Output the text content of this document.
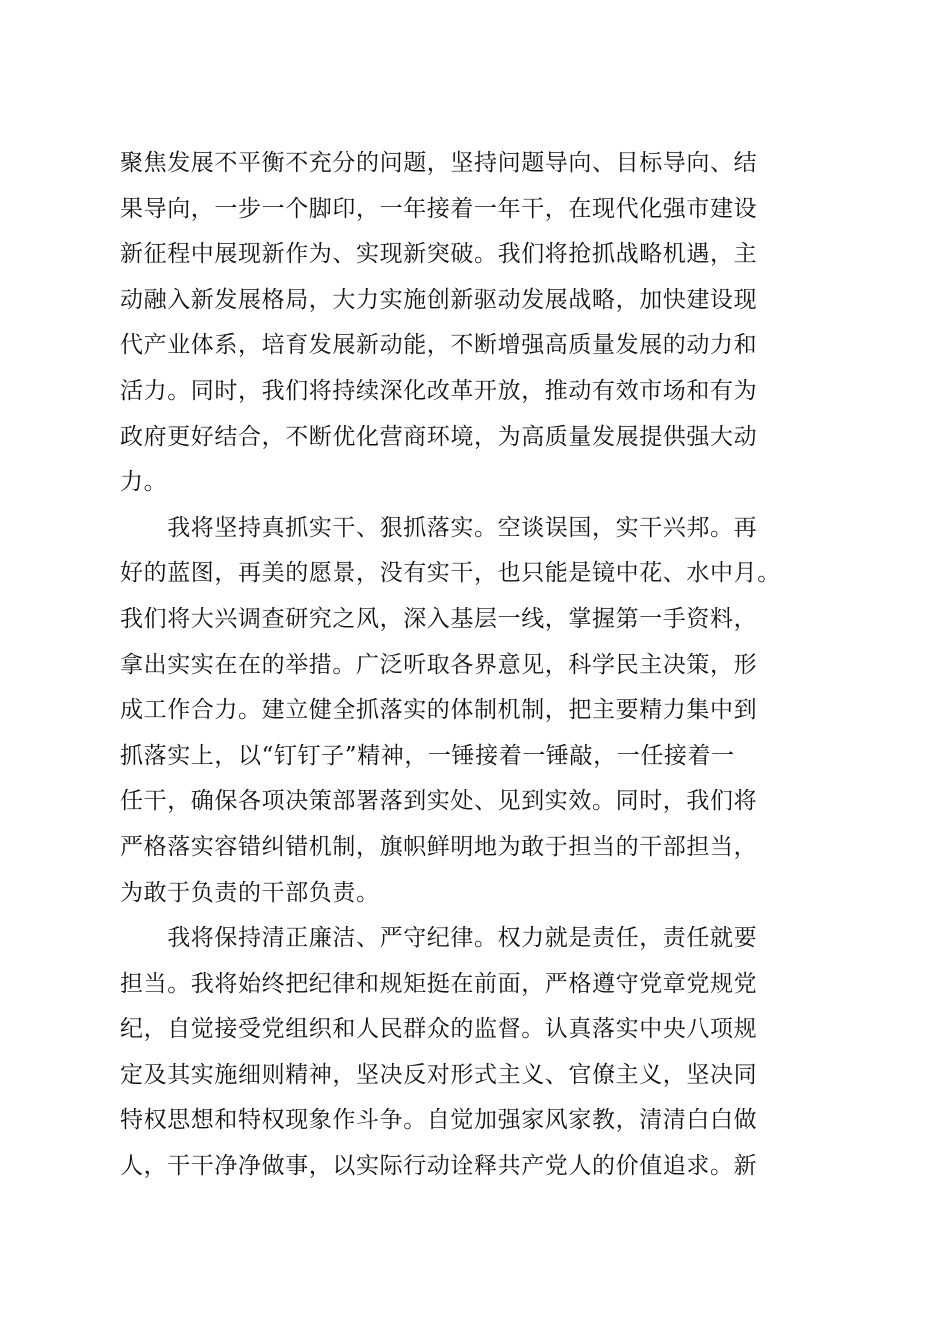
聚焦发展不平衡不充分的问题，坚持问题导向、目标导向、结
果导向，一步一个脚印，一年接着一年干，在现代化强市建设
新征程中展现新作为、实现新突破。我们将抢抓战略机遇，主
动融入新发展格局，大力实施创新驱动发展战略，加快建设现
代产业体系，培育发展新动能，不断增强高质量发展的动力和
活力。同时，我们将持续深化改革开放，推动有效市场和有为
政府更好结合，不断优化营商环境，为高质量发展提供强大动
力。
　　我将坚持真抓实干、狠抓落实。空谈误国，实干兴邦。再
好的蓝图，再美的愿景，没有实干，也只能是镜中花、水中月。
我们将大兴调查研究之风，深入基层一线，掌握第一手资料，
拿出实实在在的举措。广泛听取各界意见，科学民主决策，形
成工作合力。建立健全抓落实的体制机制，把主要精力集中到
抓落实上，以“钉钉子”精神，一锤接着一锤敲，一任接着一
任干，确保各项决策部署落到实处、见到实效。同时，我们将
严格落实容错纠错机制，旗帜鲜明地为敢于担当的干部担当，
为敢于负责的干部负责。
　　我将保持清正廉洁、严守纪律。权力就是责任，责任就要
担当。我将始终把纪律和规矩挺在前面，严格遵守党章党规党
纪，自觉接受党组织和人民群众的监督。认真落实中央八项规
定及其实施细则精神，坚决反对形式主义、官僚主义，坚决同
特权思想和特权现象作斗争。自觉加强家风家教，清清白白做
人，干干净净做事，以实际行动诠释共产党人的价值追求。新
